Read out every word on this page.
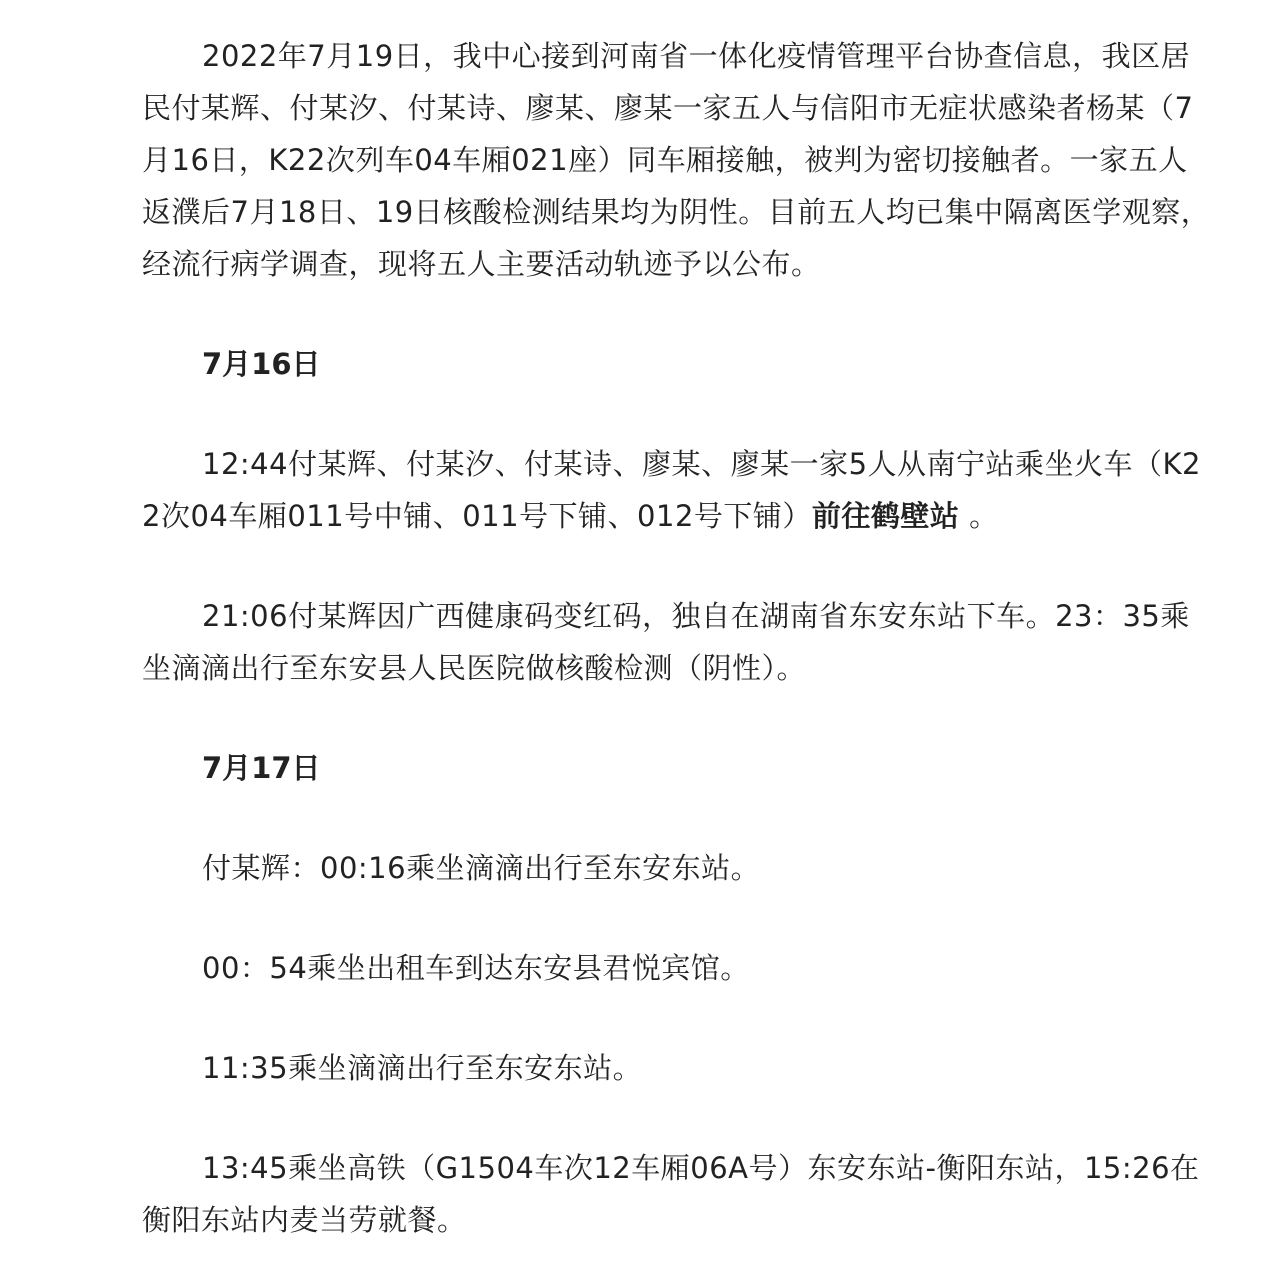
2022年7月19日，我中心接到河南省一体化疫情管理平台协查信息，我区居民付某辉、付某汐、付某诗、廖某、廖某一家五人与信阳市无症状感染者杨某（7月16日，K22次列车04车厢021座）同车厢接触，被判为密切接触者。一家五人返濮后7月18日、19日核酸检测结果均为阴性。目前五人均已集中隔离医学观察，经流行病学调查，现将五人主要活动轨迹予以公布。

7月16日

12:44付某辉、付某汐、付某诗、廖某、廖某一家5人从南宁站乘坐火车（K22次04车厢011号中铺、011号下铺、012号下铺）前往鹤壁站 。

21:06付某辉因广西健康码变红码，独自在湖南省东安东站下车。23：35乘坐滴滴出行至东安县人民医院做核酸检测（阴性）。

7月17日

付某辉：00:16乘坐滴滴出行至东安东站。

00：54乘坐出租车到达东安县君悦宾馆。

11:35乘坐滴滴出行至东安东站。

13:45乘坐高铁（G1504车次12车厢06A号）东安东站-衡阳东站，15:26在衡阳东站内麦当劳就餐。
